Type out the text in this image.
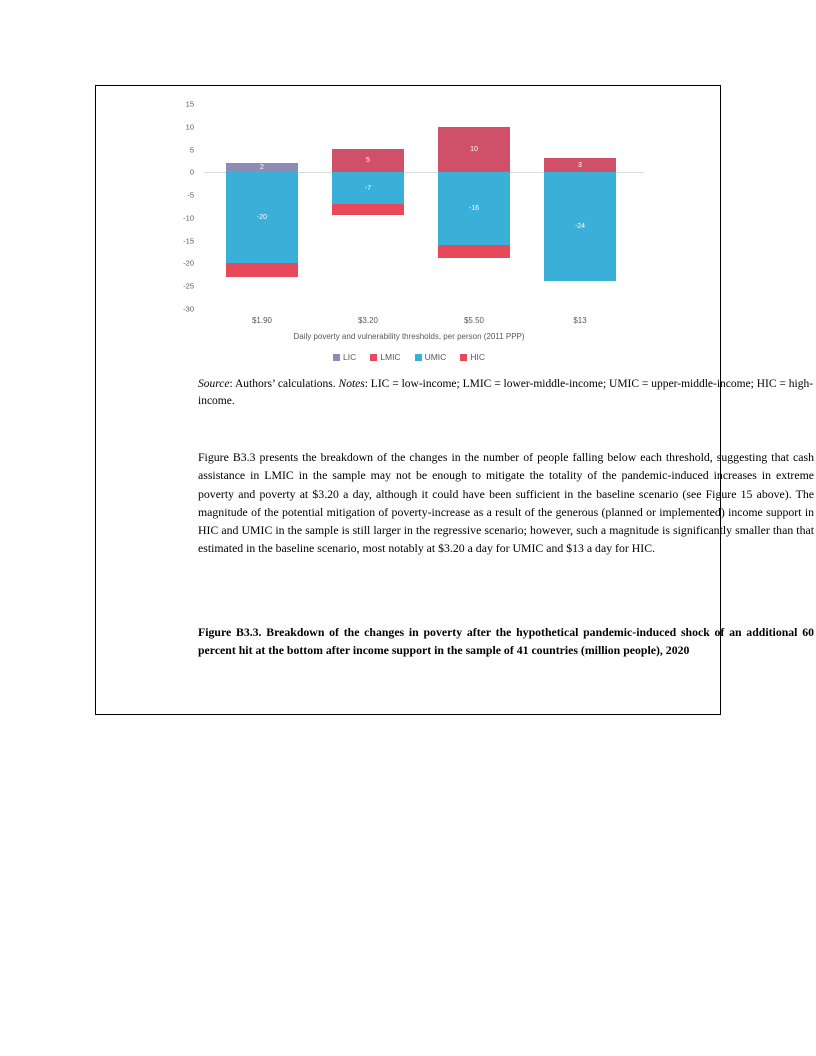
15
10
5
0
-5
-10
-15
-20
-25
-30
2
-20
5
-7
10
-16
3
-24
$1.90	$3.20	$5.50	$13
Daily poverty and vulnerability thresholds, per person (2011 PPP)
LIC	LMIC	UMIC	HIC
Source: Authors’ calculations. Notes: LIC = low-income; LMIC = lower-middle-income; UMIC = upper-middle-income; HIC = high-income.
Figure B3.3 presents the breakdown of the changes in the number of people falling below each threshold, suggesting that cash assistance in LMIC in the sample may not be enough to mitigate the totality of the pandemic-induced increases in extreme poverty and poverty at $3.20 a day, although it could have been sufficient in the baseline scenario (see Figure 15 above). The magnitude of the potential mitigation of poverty-increase as a result of the generous (planned or implemented) income support in HIC and UMIC in the sample is still larger in the regressive scenario; however, such a magnitude is significantly smaller than that estimated in the baseline scenario, most notably at $3.20 a day for UMIC and $13 a day for HIC.
Figure B3.3. Breakdown of the changes in poverty after the hypothetical pandemic-induced shock of an additional 60 percent hit at the bottom after income support in the sample of 41 countries (million people), 2020
